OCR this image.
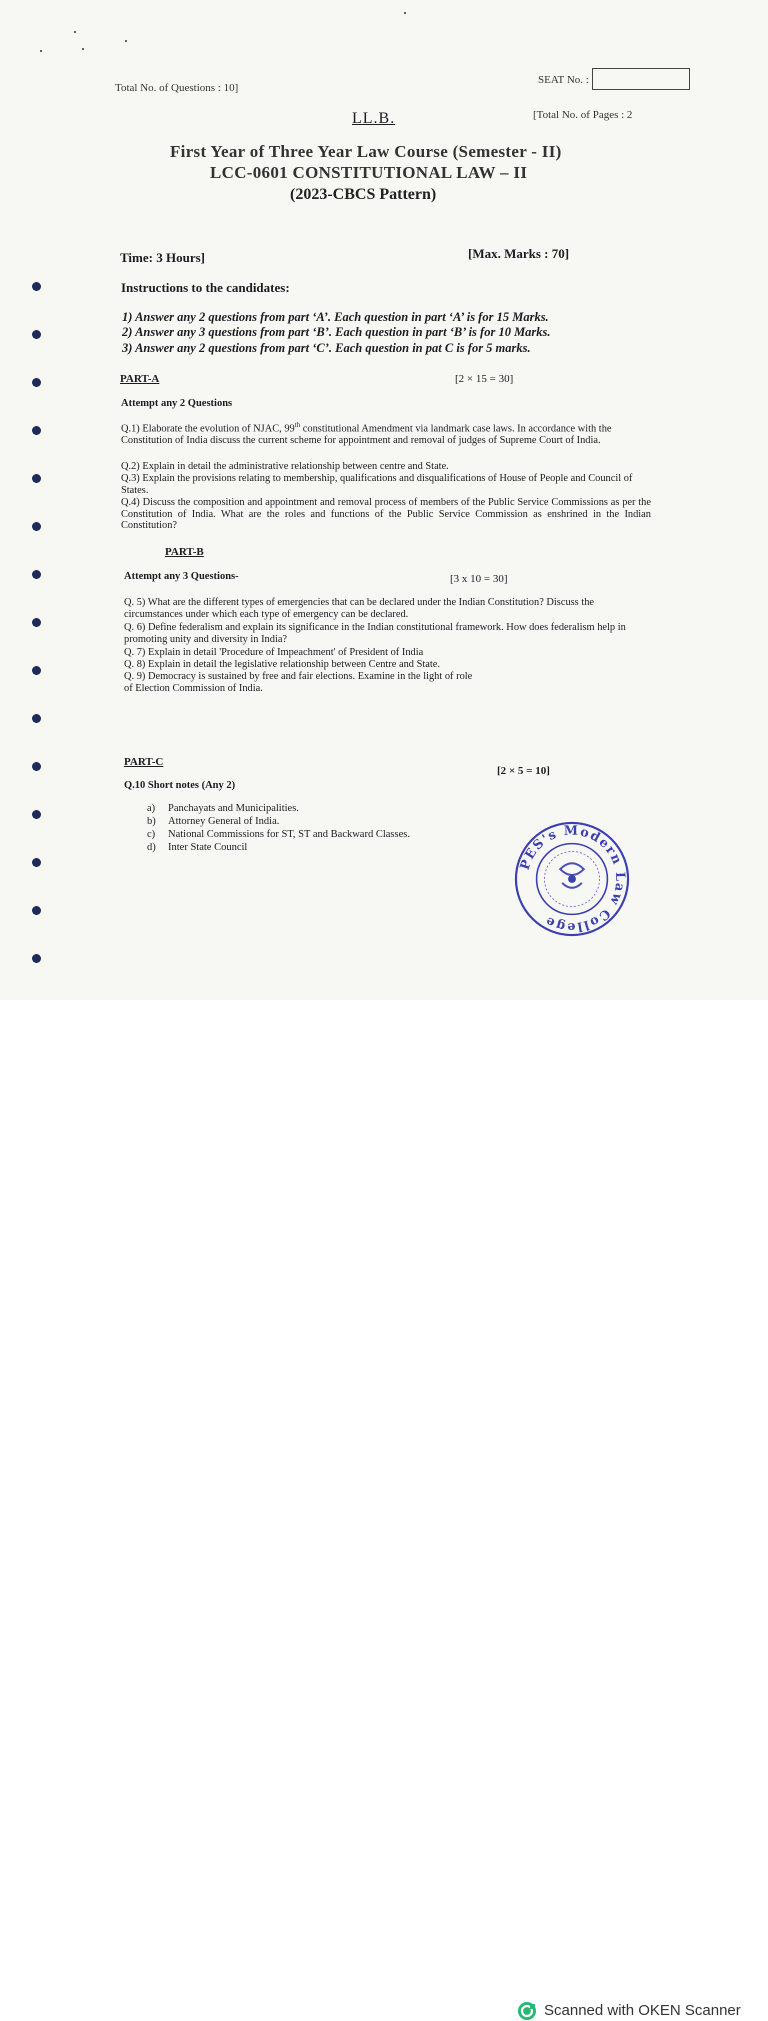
Total No. of Questions : 10]
SEAT No. :
[Total No. of Pages : 2
LL.B.
First Year of Three Year Law Course (Semester - II)
LCC-0601 CONSTITUTIONAL LAW – II
(2023-CBCS Pattern)
Time: 3 Hours]	[Max. Marks : 70]
Instructions to the candidates:
1) Answer any 2 questions from part ‘A’. Each question in part ‘A’ is for 15 Marks.
2) Answer any 3 questions from part ‘B’. Each question in part ‘B’ is for 10 Marks.
3) Answer any 2 questions from part ‘C’. Each question in pat C is for 5 marks.
PART-A	[2 × 15 = 30]
Attempt any 2 Questions
Q.1) Elaborate the evolution of NJAC, 99th constitutional Amendment via landmark case laws. In accordance with the Constitution of India discuss the current scheme for appointment and removal of judges of Supreme Court of India.
Q.2) Explain in detail the administrative relationship between centre and State.
Q.3) Explain the provisions relating to membership, qualifications and disqualifications of House of People and Council of States.
Q.4) Discuss the composition and appointment and removal process of members of the Public Service Commissions as per the Constitution of India. What are the roles and functions of the Public Service Commission as enshrined in the Indian Constitution?
PART-B
Attempt any 3 Questions-	[3 x 10 = 30]
Q. 5) What are the different types of emergencies that can be declared under the Indian Constitution? Discuss the circumstances under which each type of emergency can be declared.
Q. 6) Define federalism and explain its significance in the Indian constitutional framework. How does federalism help in promoting unity and diversity in India?
Q. 7) Explain in detail 'Procedure of Impeachment' of President of India
Q. 8) Explain in detail the legislative relationship between Centre and State.
Q. 9) Democracy is sustained by free and fair elections. Examine in the light of role
of Election Commission of India.
PART-C
[2 × 5 = 10]
Q.10 Short notes (Any 2)
a) Panchayats and Municipalities.
b) Attorney General of India.
c) National Commissions for ST, ST and Backward Classes.
d) Inter State Council
PES's Modern Law College
Scanned with OKEN Scanner
